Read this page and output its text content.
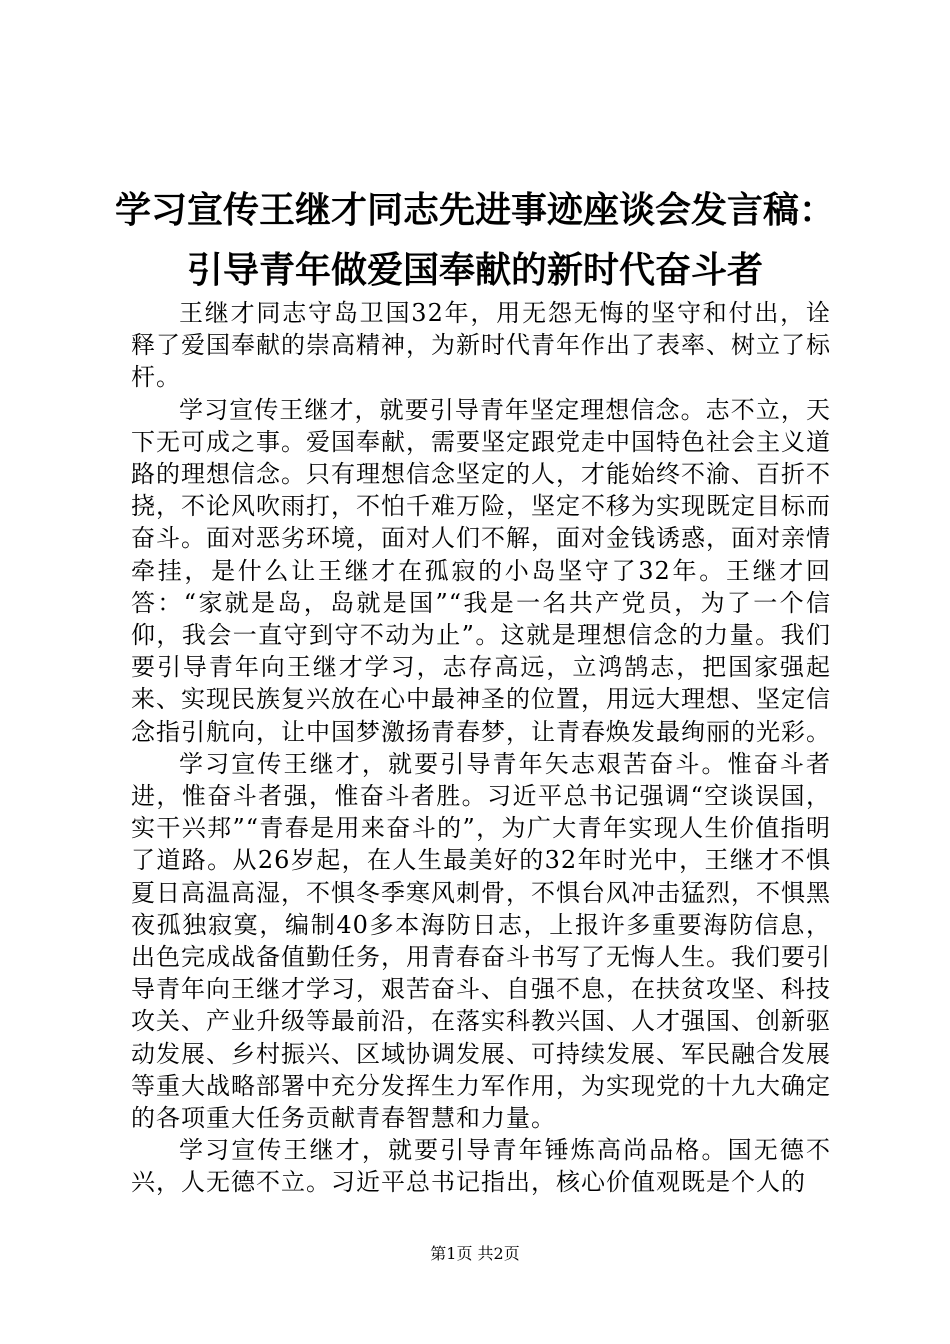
学习宣传王继才同志先进事迹座谈会发言稿：
引导青年做爱国奉献的新时代奋斗者

王继才同志守岛卫国32年，用无怨无悔的坚守和付出，诠释了爱国奉献的崇高精神，为新时代青年作出了表率、树立了标杆。

学习宣传王继才，就要引导青年坚定理想信念。志不立，天下无可成之事。爱国奉献，需要坚定跟党走中国特色社会主义道路的理想信念。只有理想信念坚定的人，才能始终不渝、百折不挠，不论风吹雨打，不怕千难万险，坚定不移为实现既定目标而奋斗。面对恶劣环境，面对人们不解，面对金钱诱惑，面对亲情牵挂，是什么让王继才在孤寂的小岛坚守了32年。王继才回答：“家就是岛，岛就是国”“我是一名共产党员，为了一个信仰，我会一直守到守不动为止”。这就是理想信念的力量。我们要引导青年向王继才学习，志存高远，立鸿鹄志，把国家强起来、实现民族复兴放在心中最神圣的位置，用远大理想、坚定信念指引航向，让中国梦激扬青春梦，让青春焕发最绚丽的光彩。

学习宣传王继才，就要引导青年矢志艰苦奋斗。惟奋斗者进，惟奋斗者强，惟奋斗者胜。习近平总书记强调“空谈误国，实干兴邦”“青春是用来奋斗的”，为广大青年实现人生价值指明了道路。从26岁起，在人生最美好的32年时光中，王继才不惧夏日高温高湿，不惧冬季寒风刺骨，不惧台风冲击猛烈，不惧黑夜孤独寂寞，编制40多本海防日志，上报许多重要海防信息，出色完成战备值勤任务，用青春奋斗书写了无悔人生。我们要引导青年向王继才学习，艰苦奋斗、自强不息，在扶贫攻坚、科技攻关、产业升级等最前沿，在落实科教兴国、人才强国、创新驱动发展、乡村振兴、区域协调发展、可持续发展、军民融合发展等重大战略部署中充分发挥生力军作用，为实现党的十九大确定的各项重大任务贡献青春智慧和力量。

学习宣传王继才，就要引导青年锤炼高尚品格。国无德不兴，人无德不立。习近平总书记指出，核心价值观既是个人的

第1页 共2页
